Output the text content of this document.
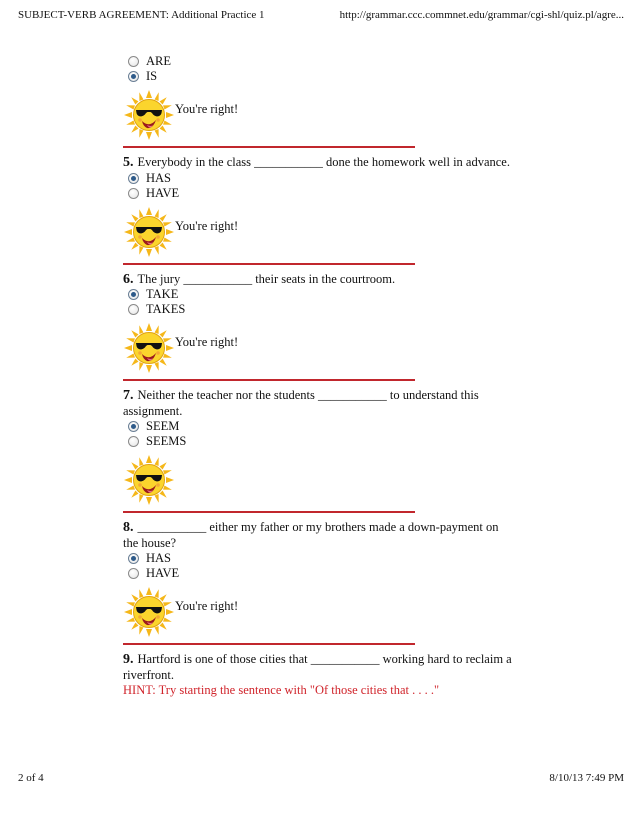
SUBJECT-VERB AGREEMENT: Additional Practice 1	http://grammar.ccc.commnet.edu/grammar/cgi-shl/quiz.pl/agre...
ARE
IS
You're right!
5. Everybody in the class ___________ done the homework well in advance.
HAS
HAVE
You're right!
6. The jury ___________ their seats in the courtroom.
TAKE
TAKES
You're right!
7. Neither the teacher nor the students ___________ to understand this assignment.
SEEM
SEEMS
8. ___________ either my father or my brothers made a down-payment on the house?
HAS
HAVE
You're right!
9. Hartford is one of those cities that ___________ working hard to reclaim a riverfront.
HINT: Try starting the sentence with "Of those cities that . . . ."
2 of 4	8/10/13 7:49 PM
